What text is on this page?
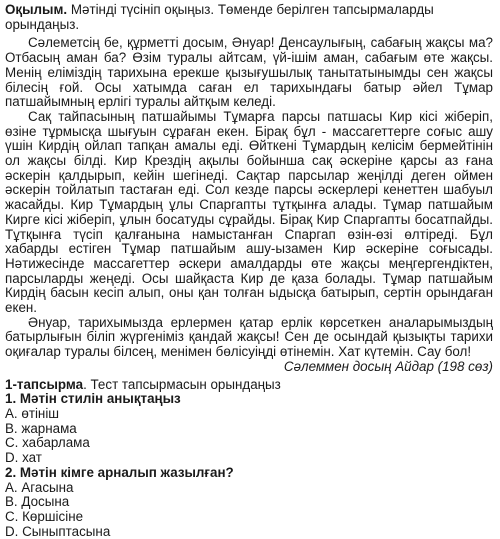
Оқылым. Мәтінді түсініп оқыңыз. Төменде берілген тапсырмаларды орындаңыз.

Сәлеметсің бе, құрметті досым, Әнуар! Денсаулығың, сабағың жақсы ма? Отбасың аман ба? Өзім туралы айтсам, үй-ішім аман, сабағым өте жақсы. Менің еліміздің тарихына ерекше қызығушылық танытатынымды сен жақсы білесің ғой. Осы хатымда саған ел тарихындағы батыр әйел Тұмар патшайымның ерлігі туралы айтқым келеді.

Сақ тайпасының патшайымы Тұмарға парсы патшасы Кир кісі жіберіп, өзіне тұрмысқа шығуын сұраған екен. Бірақ бұл - массагеттерге соғыс ашу үшін Кирдің ойлап тапқан амалы еді. Өйткені Тұмардың келісім бермейтінін ол жақсы білді. Кир Крездің ақылы бойынша сақ әскеріне қарсы аз ғана әскерін қалдырып, кейін шегінеді. Сақтар парсылар жеңілді деген оймен әскерін тойлатып тастаған еді. Сол кезде парсы әскерлері кенеттен шабуыл жасайды. Кир Тұмардың ұлы Спаргапты тұтқынға алады. Тұмар патшайым Киргe кісі жіберіп, ұлын босатуды сұрайды. Бірақ Кир Спаргапты босатпайды. Тұтқынға түсіп қалғанына намыстанған Спаргап өзін-өзі өлтіреді. Бұл хабарды естіген Тұмар патшайым ашу-ызамен Кир әскеріне соғысады. Нәтижесінде массагеттер әскери амалдарды өте жақсы меңгергендіктен, парсыларды жеңеді. Осы шайқаста Кир де қаза болады. Тұмар патшайым Кирдің басын кесіп алып, оны қан толған ыдысқа батырып, сертін орындаған екен.

Әнуар, тарихымызда ерлермен қатар ерлік көрсеткен аналарымыздың батырлығын біліп жүргеніміз қандай жақсы! Сен де осындай қызықты тарихи оқиғалар туралы білсең, менімен бөлісуіңді өтінемін. Хат күтемін. Сау бол!

Сәлеммен досың Айдар (198 сөз)

1-тапсырма. Тест тапсырмасын орындаңыз

1. Мәтін стилін анықтаңыз

А. өтініш

В. жарнама

С. хабарлама

D. хат

2. Мәтін кімге арналып жазылған?

А. Агасына

В. Досына

С. Көршісіне

D. Сыныптасына
